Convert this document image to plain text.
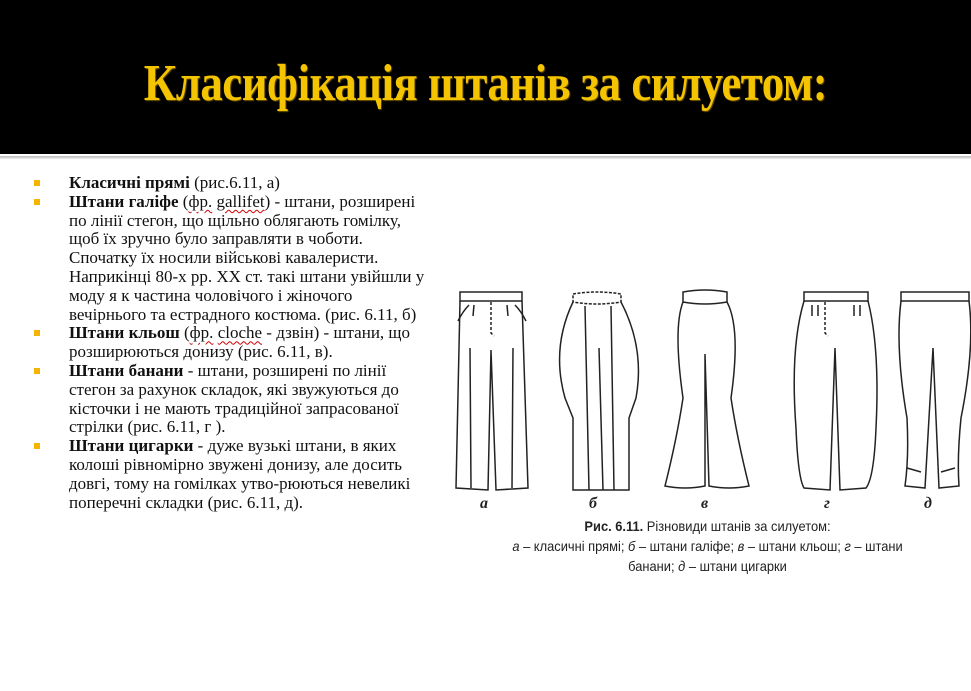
Класифікація штанів за силуетом:
Класичні прямі (рис.6.11, а)
Штани галіфе (фр. gallifet) - штани, розширені по лінії стегон, що щільно облягають гомілку, щоб їх зручно було заправляти в чоботи. Спочатку їх носили військові кавалеристи. Наприкінці 80-х рр. XX ст. такі штани увійшли у моду я к частина чоловічого і жіночого вечірнього та естрадного костюма. (рис. 6.11, б)
Штани кльош (фр. cloche - дзвін) - штани, що розширюються донизу (рис. 6.11, в).
Штани банани - штани, розширені по лінії стегон за рахунок складок, які звужуються до кісточки і не мають традиційної запрасованої стрілки (рис. 6.11, г ).
Штани цигарки - дуже вузькі штани, в яких колоші рівномірно звужені донизу, але досить довгі, тому на гомілках утво-рюються невеликі поперечні складки (рис. 6.11, д).	а	б	в	г	д
Рис. 6.11. Різновиди штанів за силуетом:
а – класичні прямі; б – штани галіфе; в – штани кльош; г – штани
банани; д – штани цигарки
